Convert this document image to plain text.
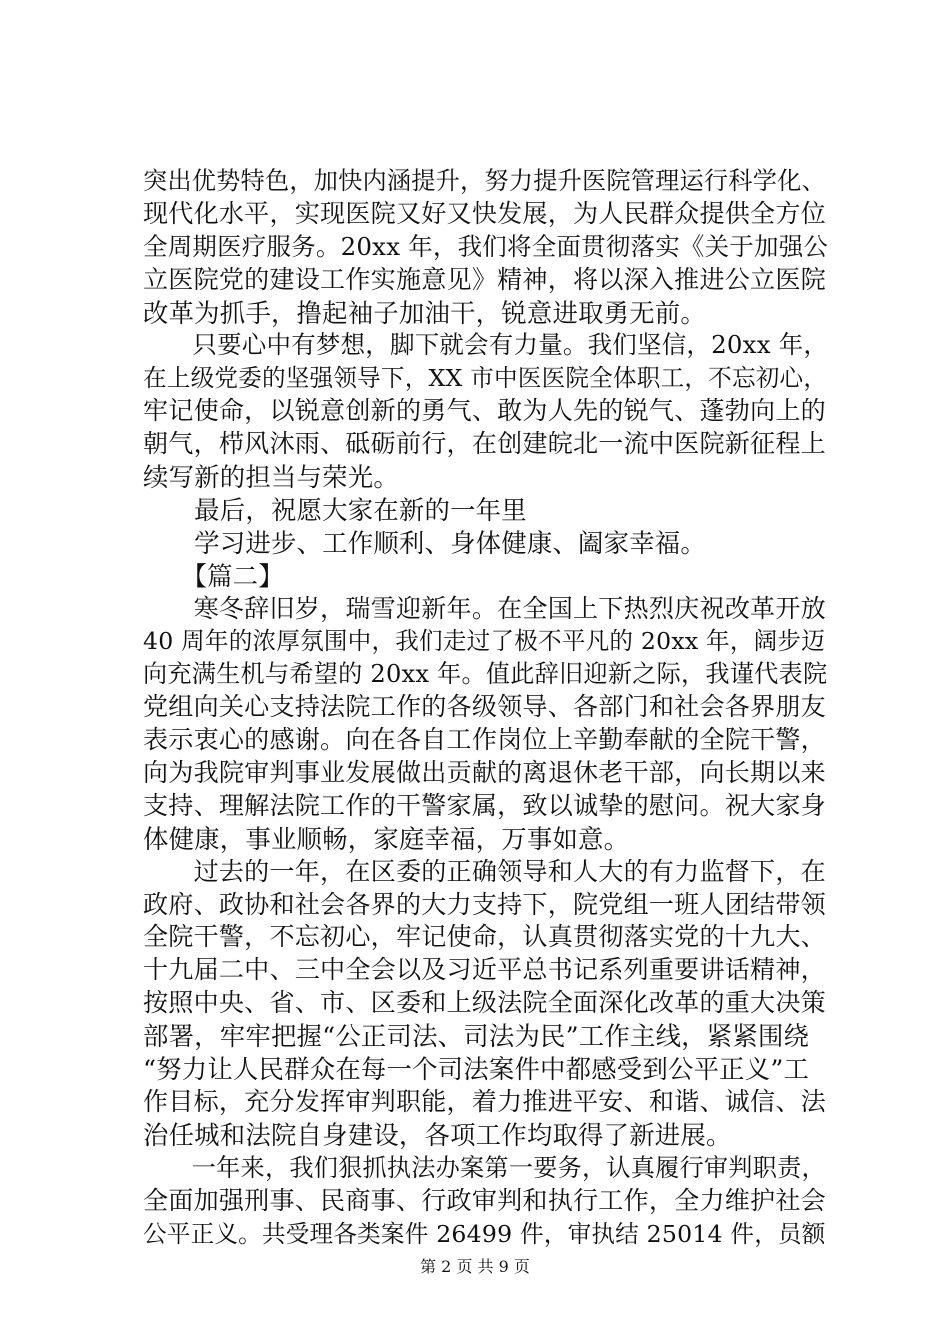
突出优势特色，加快内涵提升，努力提升医院管理运行科学化、
现代化水平，实现医院又好又快发展，为人民群众提供全方位
全周期医疗服务。20xx 年，我们将全面贯彻落实《关于加强公
立医院党的建设工作实施意见》精神，将以深入推进公立医院
改革为抓手，撸起袖子加油干，锐意进取勇无前。
　　只要心中有梦想，脚下就会有力量。我们坚信，20xx 年，
在上级党委的坚强领导下，XX 市中医医院全体职工，不忘初心，
牢记使命，以锐意创新的勇气、敢为人先的锐气、蓬勃向上的
朝气，栉风沐雨、砥砺前行，在创建皖北一流中医院新征程上
续写新的担当与荣光。
　　最后，祝愿大家在新的一年里
　　学习进步、工作顺利、身体健康、阖家幸福。
　　【篇二】
　　寒冬辞旧岁，瑞雪迎新年。在全国上下热烈庆祝改革开放
40 周年的浓厚氛围中，我们走过了极不平凡的 20xx 年，阔步迈
向充满生机与希望的 20xx 年。值此辞旧迎新之际，我谨代表院
党组向关心支持法院工作的各级领导、各部门和社会各界朋友
表示衷心的感谢。向在各自工作岗位上辛勤奉献的全院干警，
向为我院审判事业发展做出贡献的离退休老干部，向长期以来
支持、理解法院工作的干警家属，致以诚挚的慰问。祝大家身
体健康，事业顺畅，家庭幸福，万事如意。
　　过去的一年，在区委的正确领导和人大的有力监督下，在
政府、政协和社会各界的大力支持下，院党组一班人团结带领
全院干警，不忘初心，牢记使命，认真贯彻落实党的十九大、
十九届二中、三中全会以及习近平总书记系列重要讲话精神，
按照中央、省、市、区委和上级法院全面深化改革的重大决策
部署，牢牢把握“公正司法、司法为民”工作主线，紧紧围绕
“努力让人民群众在每一个司法案件中都感受到公平正义”工
作目标，充分发挥审判职能，着力推进平安、和谐、诚信、法
治任城和法院自身建设，各项工作均取得了新进展。
　　一年来，我们狠抓执法办案第一要务，认真履行审判职责，
全面加强刑事、民商事、行政审判和执行工作，全力维护社会
公平正义。共受理各类案件 26499 件，审执结 25014 件，员额
第 2 页 共 9 页
